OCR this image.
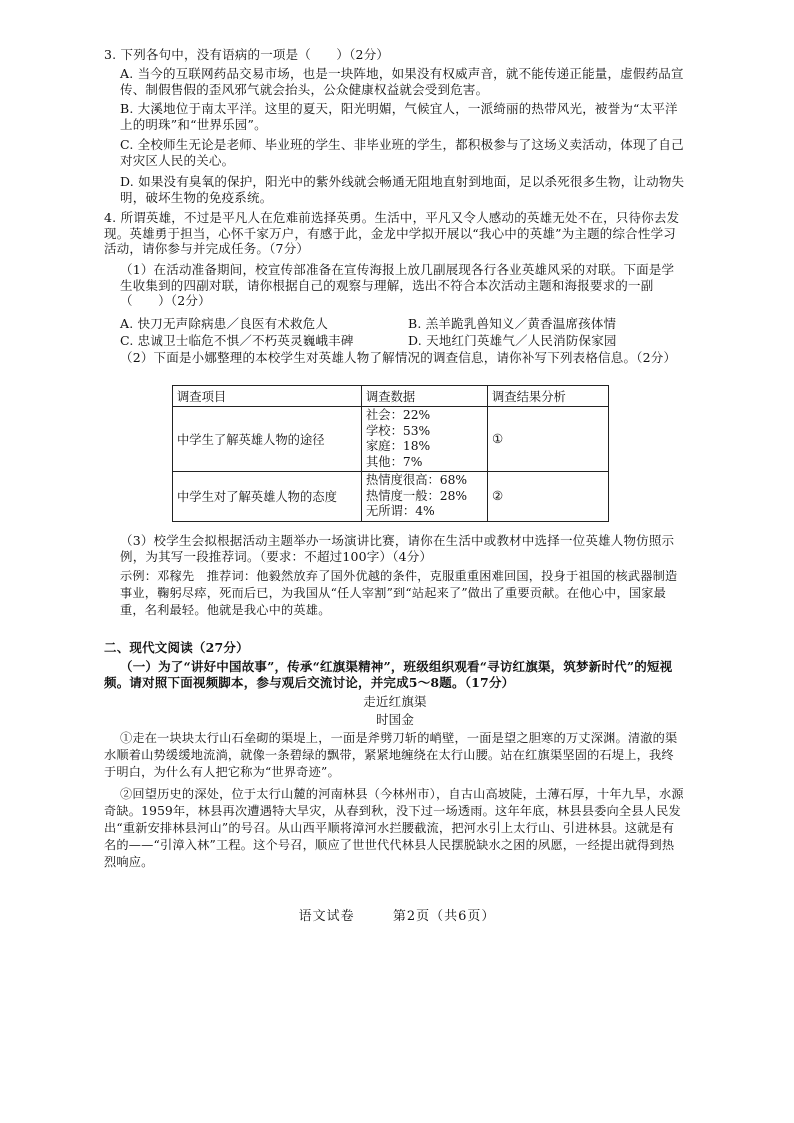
3. 下列各句中，没有语病的一项是（　　）（2分）
A. 当今的互联网药品交易市场，也是一块阵地，如果没有权威声音，就不能传递正能量，虚假药品宣传、制假售假的歪风邪气就会抬头，公众健康权益就会受到危害。
B. 大溪地位于南太平洋。这里的夏天，阳光明媚，气候宜人，一派绮丽的热带风光，被誉为“太平洋上的明珠”和“世界乐园”。
C. 全校师生无论是老师、毕业班的学生、非毕业班的学生，都积极参与了这场义卖活动，体现了自己对灾区人民的关心。
D. 如果没有臭氧的保护，阳光中的紫外线就会畅通无阻地直射到地面，足以杀死很多生物，让动物失明，破坏生物的免疫系统。
4. 所谓英雄，不过是平凡人在危难前选择英勇。生活中，平凡又令人感动的英雄无处不在，只待你去发现。英雄勇于担当，心怀千家万户，有感于此，金龙中学拟开展以“我心中的英雄”为主题的综合性学习活动，请你参与并完成任务。（7分）
（1）在活动准备期间，校宣传部准备在宣传海报上放几副展现各行各业英雄风采的对联。下面是学生收集到的四副对联，请你根据自己的观察与理解，选出不符合本次活动主题和海报要求的一副（　　）（2分）
A. 快刀无声除病患／良医有术救危人	B. 羔羊跪乳兽知义／黄香温席孩体情
C. 忠诚卫士临危不惧／不朽英灵巍峨丰碑	D. 天地红门英雄气／人民消防保家园
（2）下面是小娜整理的本校学生对英雄人物了解情况的调查信息，请你补写下列表格信息。（2分）
调查项目	调查数据	调查结果分析
中学生了解英雄人物的途径	社会：22%
学校：53%
家庭：18%
其他：7%	①
中学生对了解英雄人物的态度	热情度很高：68%
热情度一般：28%
无所谓：4%	②
（3）校学生会拟根据活动主题举办一场演讲比赛，请你在生活中或教材中选择一位英雄人物仿照示例，为其写一段推荐词。（要求：不超过100字）（4分）
示例：邓稼先　推荐词：他毅然放弃了国外优越的条件，克服重重困难回国，投身于祖国的核武器制造事业，鞠躬尽瘁，死而后已，为我国从“任人宰割”到“站起来了”做出了重要贡献。在他心中，国家最重，名利最轻。他就是我心中的英雄。
二、现代文阅读（27分）
（一）为了“讲好中国故事”，传承“红旗渠精神”，班级组织观看“寻访红旗渠，筑梦新时代”的短视频。请对照下面视频脚本，参与观后交流讨论，并完成5～8题。（17分）
走近红旗渠
时国金
①走在一块块太行山石垒砌的渠堤上，一面是斧劈刀斩的峭壁，一面是望之胆寒的万丈深渊。清澈的渠水顺着山势缓缓地流淌，就像一条碧绿的飘带，紧紧地缠绕在太行山腰。站在红旗渠坚固的石堤上，我终于明白，为什么有人把它称为“世界奇迹”。
②回望历史的深处，位于太行山麓的河南林县（今林州市），自古山高坡陡，土薄石厚，十年九旱，水源奇缺。1959年，林县再次遭遇特大旱灾，从春到秋，没下过一场透雨。这年年底，林县县委向全县人民发出“重新安排林县河山”的号召。从山西平顺将漳河水拦腰截流，把河水引上太行山、引进林县。这就是有名的——“引漳入林”工程。这个号召，顺应了世世代代林县人民摆脱缺水之困的夙愿，一经提出就得到热烈响应。
语文试卷	第2页（共6页）
